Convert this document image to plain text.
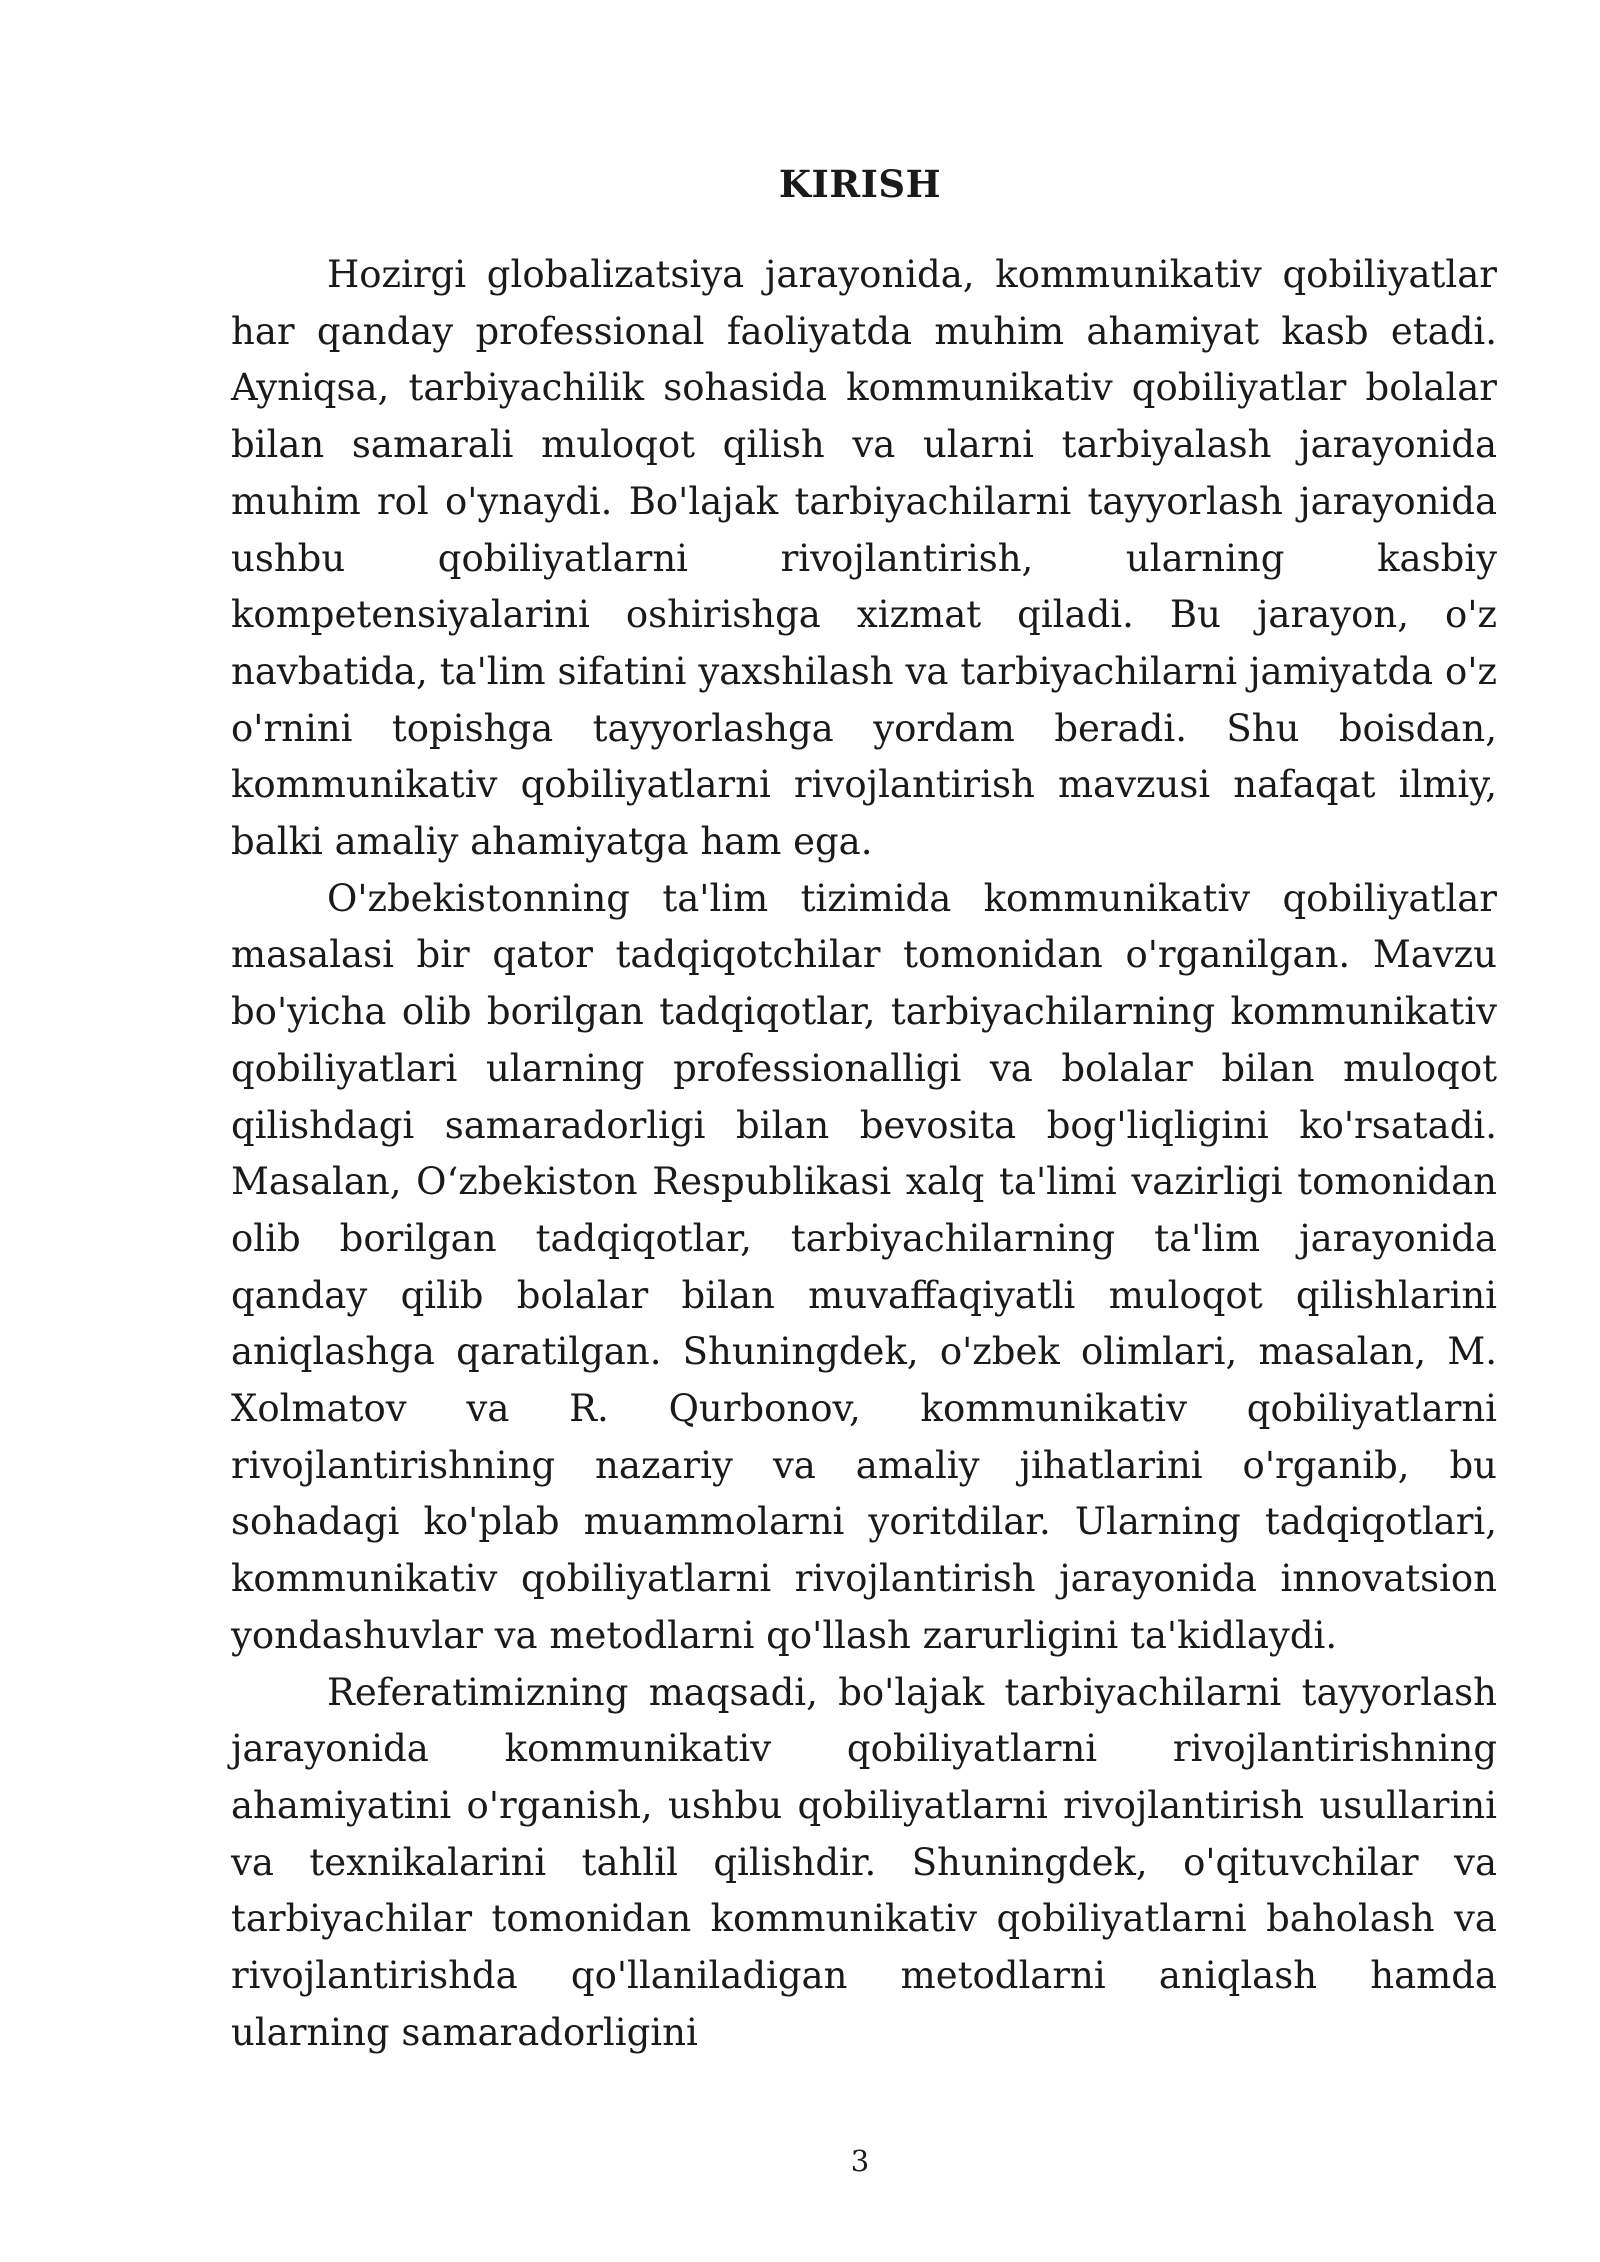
KIRISH

Hozirgi globalizatsiya jarayonida, kommunikativ qobiliyatlar har qanday professional faoliyatda muhim ahamiyat kasb etadi. Ayniqsa, tarbiyachilik sohasida kommunikativ qobiliyatlar bolalar bilan samarali muloqot qilish va ularni tarbiyalash jarayonida muhim rol o'ynaydi. Bo'lajak tarbiyachilarni tayyorlash jarayonida ushbu qobiliyatlarni rivojlantirish, ularning kasbiy kompetensiyalarini oshirishga xizmat qiladi. Bu jarayon, o'z navbatida, ta'lim sifatini yaxshilash va tarbiyachilarni jamiyatda o'z o'rnini topishga tayyorlashga yordam beradi. Shu boisdan, kommunikativ qobiliyatlarni rivojlantirish mavzusi nafaqat ilmiy, balki amaliy ahamiyatga ham ega.

O'zbekistonning ta'lim tizimida kommunikativ qobiliyatlar masalasi bir qator tadqiqotchilar tomonidan o'rganilgan. Mavzu bo'yicha olib borilgan tadqiqotlar, tarbiyachilarning kommunikativ qobiliyatlari ularning professionalligi va bolalar bilan muloqot qilishdagi samaradorligi bilan bevosita bog'liqligini ko'rsatadi. Masalan, Oʻzbekiston Respublikasi xalq ta'limi vazirligi tomonidan olib borilgan tadqiqotlar, tarbiyachilarning ta'lim jarayonida qanday qilib bolalar bilan muvaffaqiyatli muloqot qilishlarini aniqlashga qaratilgan. Shuningdek, o'zbek olimlari, masalan, M. Xolmatov va R. Qurbonov, kommunikativ qobiliyatlarni rivojlantirishning nazariy va amaliy jihatlarini o'rganib, bu sohadagi ko'plab muammolarni yoritdilar. Ularning tadqiqotlari, kommunikativ qobiliyatlarni rivojlantirish jarayonida innovatsion yondashuvlar va metodlarni qo'llash zarurligini ta'kidlaydi.

Referatimizning maqsadi, bo'lajak tarbiyachilarni tayyorlash jarayonida kommunikativ qobiliyatlarni rivojlantirishning ahamiyatini o'rganish, ushbu qobiliyatlarni rivojlantirish usullarini va texnikalarini tahlil qilishdir. Shuningdek, o'qituvchilar va tarbiyachilar tomonidan kommunikativ qobiliyatlarni baholash va rivojlantirishda qo'llaniladigan metodlarni aniqlash hamda ularning samaradorligini

3
